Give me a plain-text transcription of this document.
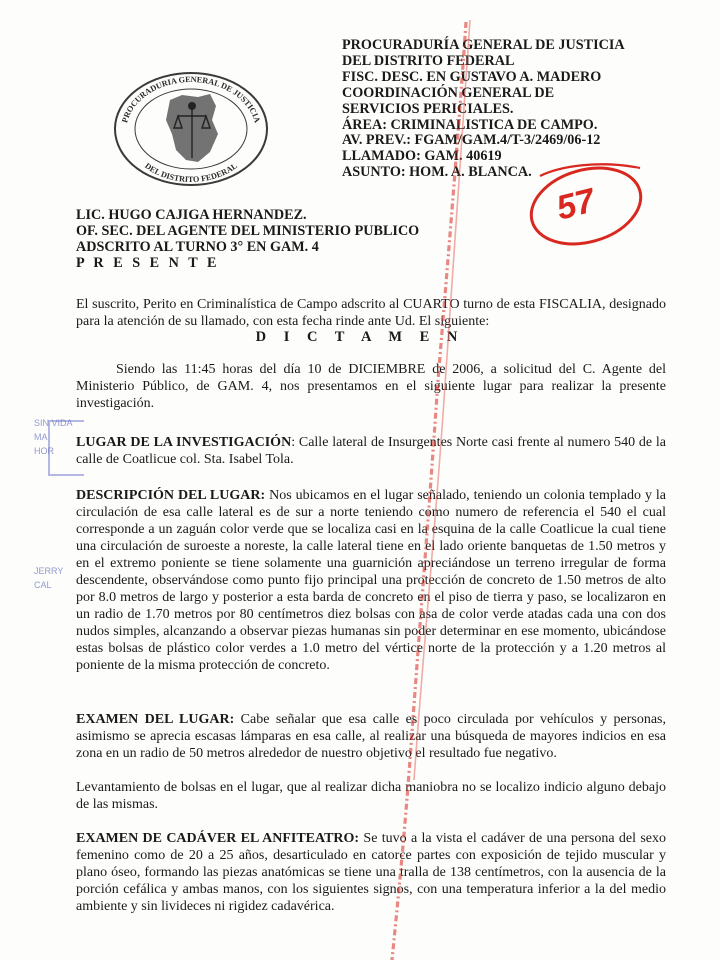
PROCURADURIA GENERAL DE JUSTICIA
DEL DISTRITO FEDERAL
PROCURADURÍA GENERAL DE JUSTICIA
DEL DISTRITO FEDERAL
FISC. DESC. EN GUSTAVO A. MADERO
COORDINACIÓN GENERAL DE
SERVICIOS PERICIALES.
ÁREA: CRIMINALISTICA DE CAMPO.
AV. PREV.: FGAM/GAM.4/T-3/2469/06-12
LLAMADO: GAM. 40619
ASUNTO: HOM. A. BLANCA.
LIC. HUGO CAJIGA HERNANDEZ.
OF. SEC. DEL AGENTE DEL MINISTERIO PUBLICO
ADSCRITO AL TURNO 3° EN GAM. 4
P R E S E N T E
El suscrito, Perito en Criminalística de Campo adscrito al CUARTO turno de esta FISCALIA, designado para la atención de su llamado, con esta fecha rinde ante Ud. El siguiente:
D I C T A M E N
Siendo las 11:45 horas del día 10 de DICIEMBRE de 2006, a solicitud del C. Agente del Ministerio Público, de GAM. 4, nos presentamos en el siguiente lugar para realizar la presente investigación.
LUGAR DE LA INVESTIGACIÓN: Calle lateral de Insurgentes Norte casi frente al numero 540 de la calle de Coatlicue col. Sta. Isabel Tola.
DESCRIPCIÓN DEL LUGAR: Nos ubicamos en el lugar señalado, teniendo un colonia templado y la circulación de esa calle lateral es de sur a norte teniendo como numero de referencia el 540 el cual corresponde a un zaguán color verde que se localiza casi en la esquina de la calle Coatlicue la cual tiene una circulación de suroeste a noreste, la calle lateral tiene en el lado oriente banquetas de 1.50 metros y en el extremo poniente se tiene solamente una guarnición apreciándose un terreno irregular de forma descendente, observándose como punto fijo principal una protección de concreto de 1.50 metros de alto por 8.0 metros de largo y posterior a esta barda de concreto en el piso de tierra y paso, se localizaron en un radio de 1.70 metros por 80 centímetros diez bolsas con asa de color verde atadas cada una con dos nudos simples, alcanzando a observar piezas humanas sin poder determinar en ese momento, ubicándose estas bolsas de plástico color verdes a 1.0 metro del vértice norte de la protección y a 1.20 metros al poniente de la misma protección de concreto.
EXAMEN DEL LUGAR: Cabe señalar que esa calle es poco circulada por vehículos y personas, asimismo se aprecia escasas lámparas en esa calle, al realizar una búsqueda de mayores indicios en esa zona en un radio de 50 metros alrededor de nuestro objetivo el resultado fue negativo.
Levantamiento de bolsas en el lugar, que al realizar dicha maniobra no se localizo indicio alguno debajo de las mismas.
EXAMEN DE CADÁVER EL ANFITEATRO: Se tuvo a la vista el cadáver de una persona del sexo femenino como de 20 a 25 años, desarticulado en catorce partes con exposición de tejido muscular y plano óseo, formando las piezas anatómicas se tiene una tralla de 138 centímetros, con la ausencia de la porción cefálica y ambas manos, con los siguientes signos, con una temperatura inferior a la del medio ambiente y sin livideces ni rigidez cadavérica.
SIN VIDA
MA
HOR
JERRY
CAL
57
